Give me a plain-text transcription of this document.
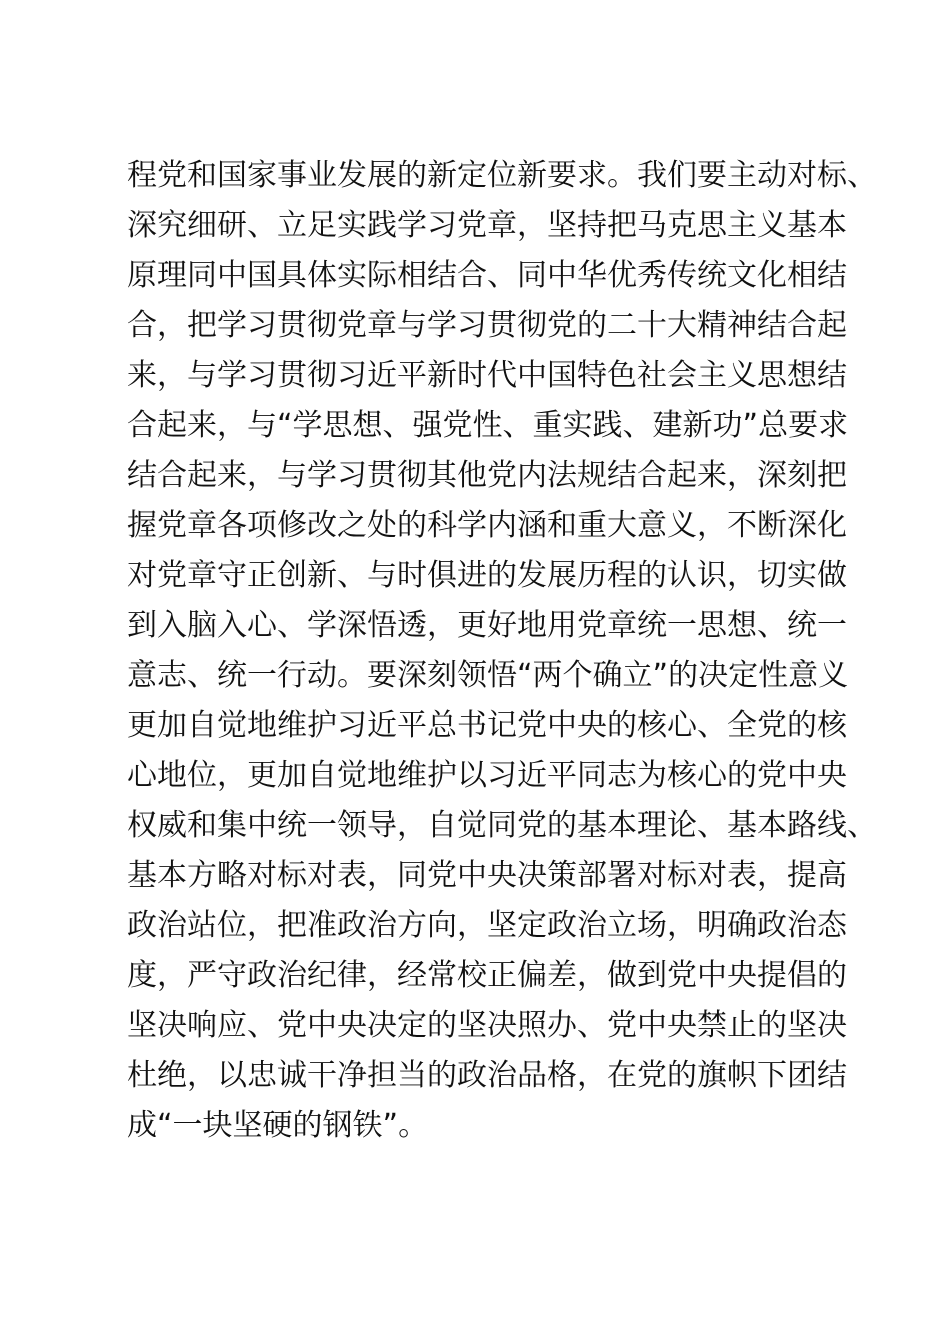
程党和国家事业发展的新定位新要求。我们要主动对标、
深究细研、立足实践学习党章，坚持把马克思主义基本
原理同中国具体实际相结合、同中华优秀传统文化相结
合，把学习贯彻党章与学习贯彻党的二十大精神结合起
来，与学习贯彻习近平新时代中国特色社会主义思想结
合起来，与“学思想、强党性、重实践、建新功”总要求
结合起来，与学习贯彻其他党内法规结合起来，深刻把
握党章各项修改之处的科学内涵和重大意义，不断深化
对党章守正创新、与时俱进的发展历程的认识，切实做
到入脑入心、学深悟透，更好地用党章统一思想、统一
意志、统一行动。要深刻领悟“两个确立”的决定性意义
更加自觉地维护习近平总书记党中央的核心、全党的核
心地位，更加自觉地维护以习近平同志为核心的党中央
权威和集中统一领导，自觉同党的基本理论、基本路线、
基本方略对标对表，同党中央决策部署对标对表，提高
政治站位，把准政治方向，坚定政治立场，明确政治态
度，严守政治纪律，经常校正偏差，做到党中央提倡的
坚决响应、党中央决定的坚决照办、党中央禁止的坚决
杜绝，以忠诚干净担当的政治品格，在党的旗帜下团结
成“一块坚硬的钢铁”。
